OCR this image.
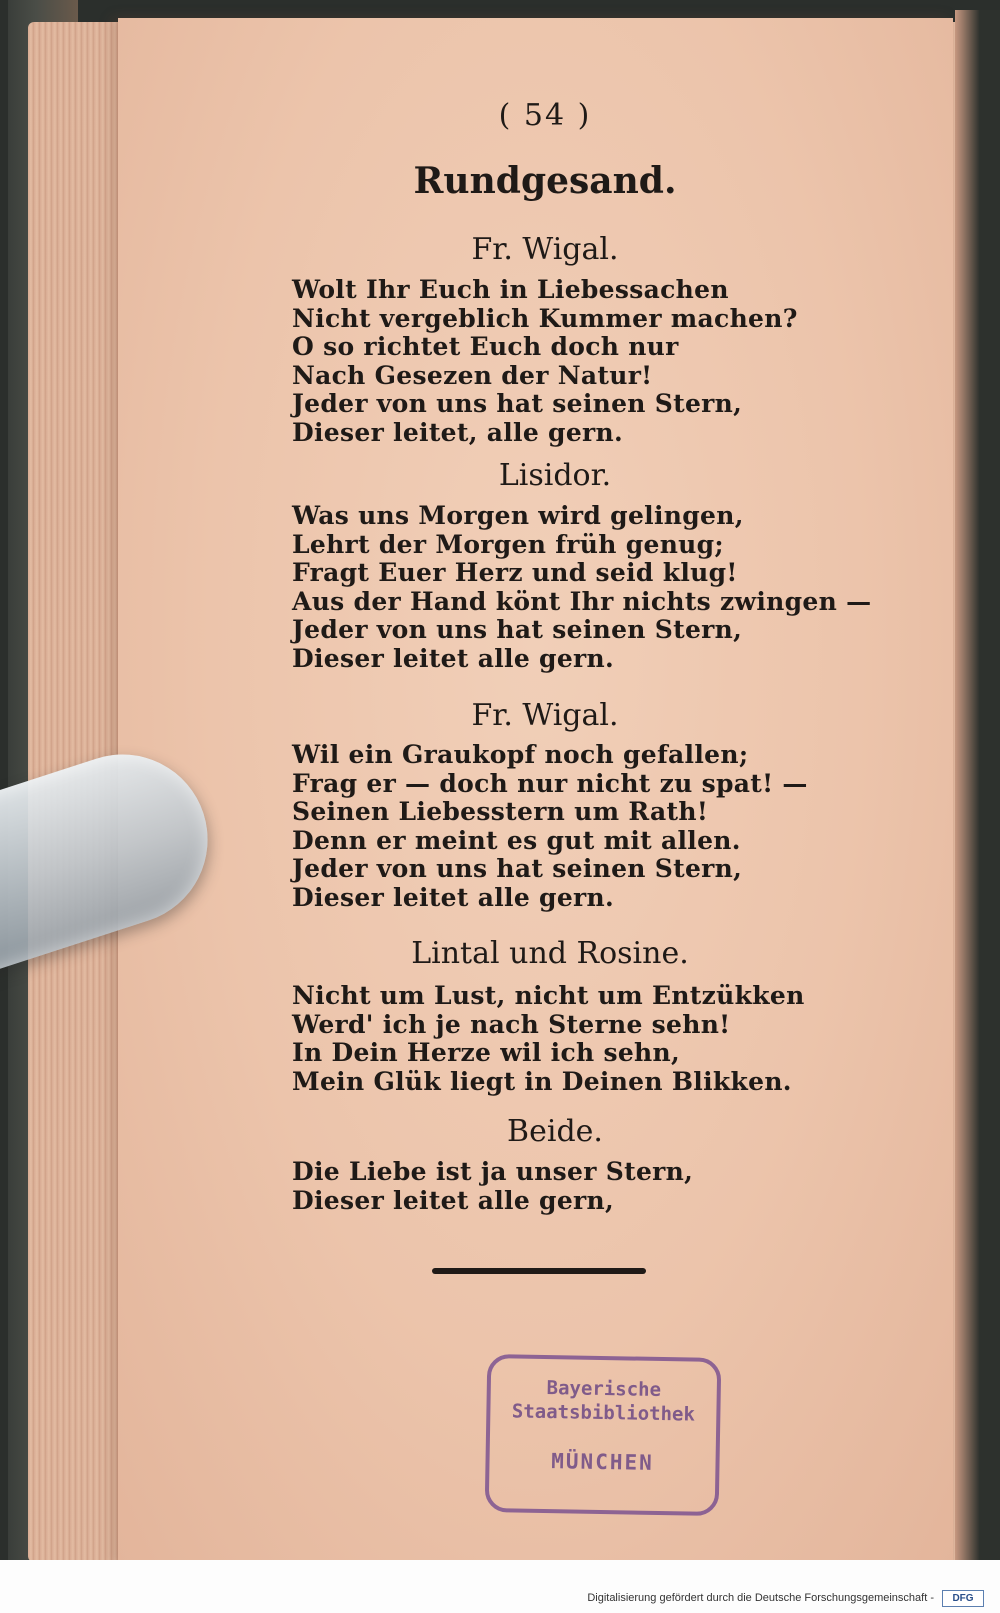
( 54 )
Rundgesand.
Fr. Wigal.
Wolt Ihr Euch in Liebessachen
Nicht vergeblich Kummer machen?
O so richtet Euch doch nur
Nach Gesezen der Natur!
Jeder von uns hat seinen Stern,
Dieser leitet, alle gern.
Lisidor.
Was uns Morgen wird gelingen,
Lehrt der Morgen früh genug;
Fragt Euer Herz und seid klug!
Aus der Hand könt Ihr nichts zwingen —
Jeder von uns hat seinen Stern,
Dieser leitet alle gern.
Fr. Wigal.
Wil ein Graukopf noch gefallen;
Frag er — doch nur nicht zu spat! —
Seinen Liebesstern um Rath!
Denn er meint es gut mit allen.
Jeder von uns hat seinen Stern,
Dieser leitet alle gern.
Lintal und Rosine.
Nicht um Lust, nicht um Entzükken
Werd' ich je nach Sterne sehn!
In Dein Herze wil ich sehn,
Mein Glük liegt in Deinen Blikken.
Beide.
Die Liebe ist ja unser Stern,
Dieser leitet alle gern,
Bayerische
Staatsbibliothek
MÜNCHEN
Digitalisierung gefördert durch die Deutsche Forschungsgemeinschaft -	DFG
